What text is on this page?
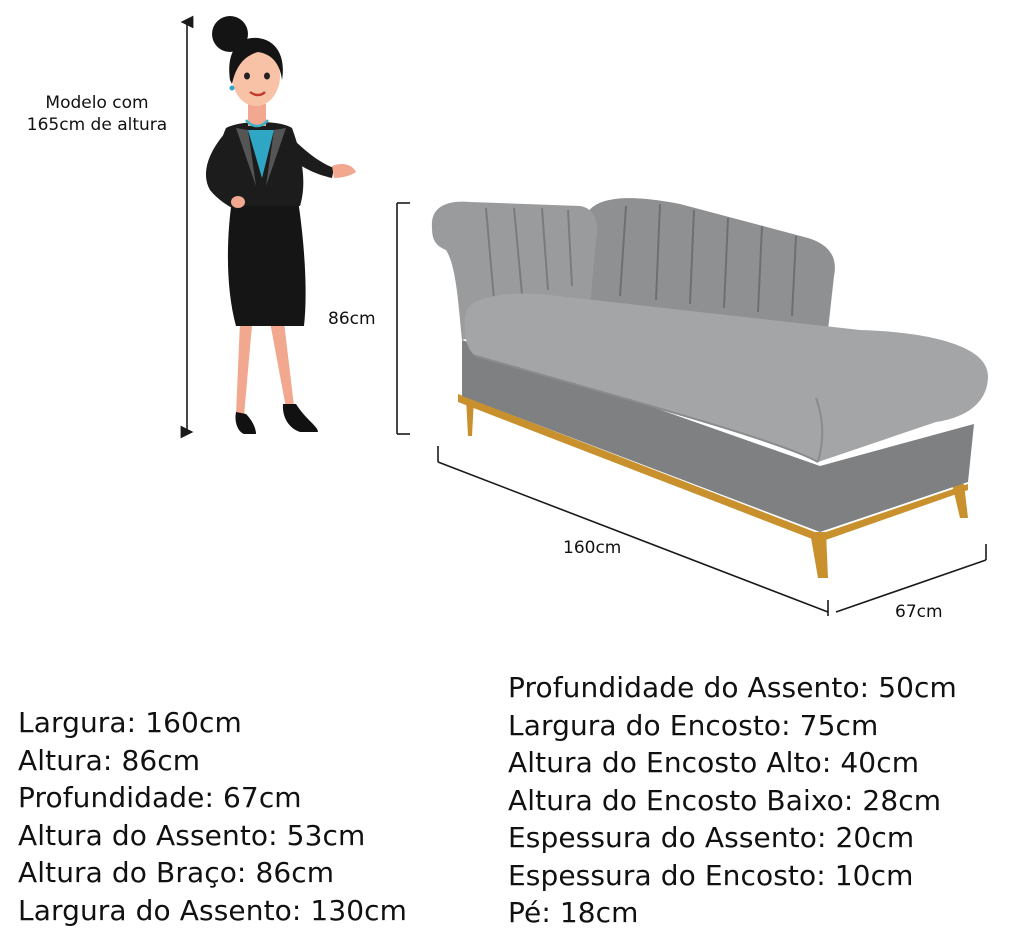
Modelo com
165cm de altura
86cm
160cm
67cm
Largura: 160cm
Altura: 86cm
Profundidade: 67cm
Altura do Assento: 53cm
Altura do Braço: 86cm
Largura do Assento: 130cm
Profundidade do Assento: 50cm
Largura do Encosto: 75cm
Altura do Encosto Alto: 40cm
Altura do Encosto Baixo: 28cm
Espessura do Assento: 20cm
Espessura do Encosto: 10cm
Pé: 18cm
